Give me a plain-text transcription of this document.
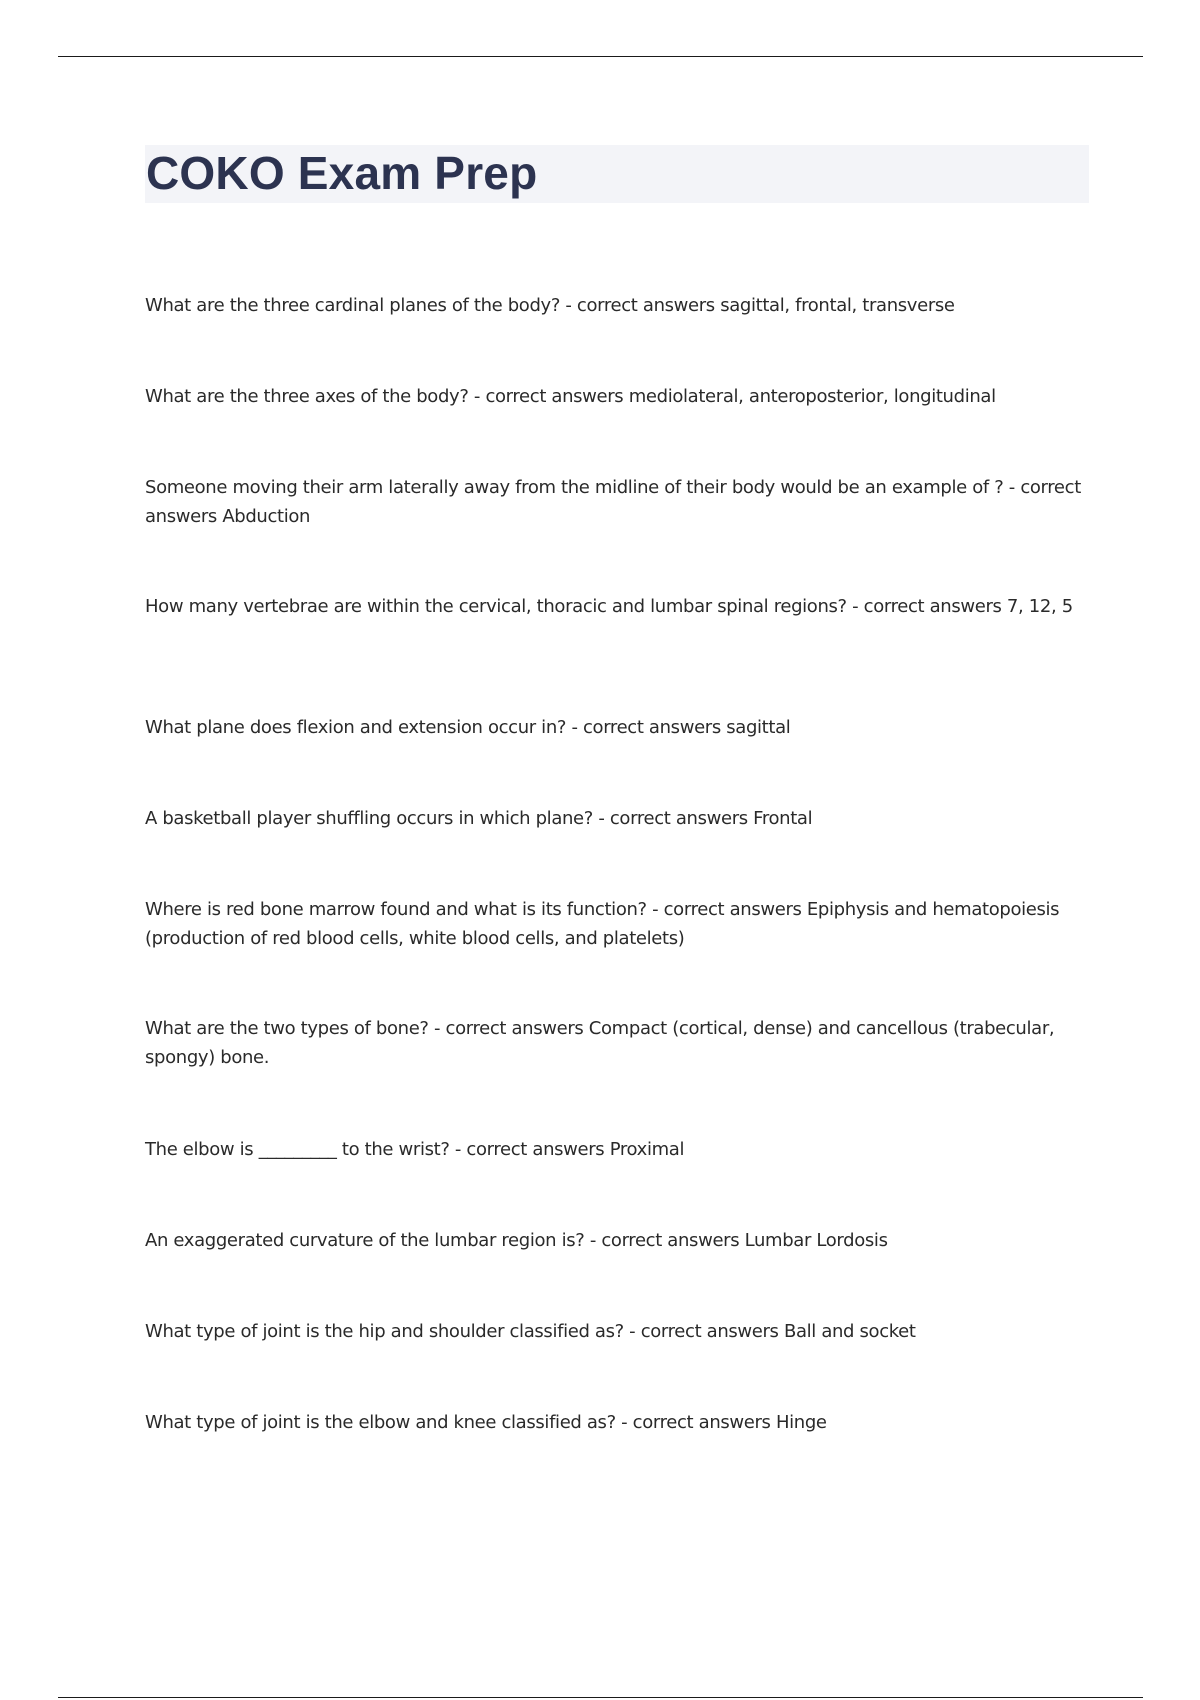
COKO Exam Prep
What are the three cardinal planes of the body? - correct answers sagittal, frontal, transverse
What are the three axes of the body? - correct answers mediolateral, anteroposterior, longitudinal
Someone moving their arm laterally away from the midline of their body would be an example of ? - correct answers Abduction
How many vertebrae are within the cervical, thoracic and lumbar spinal regions? - correct answers 7, 12, 5
What plane does flexion and extension occur in? - correct answers sagittal
A basketball player shuffling occurs in which plane? - correct answers Frontal
Where is red bone marrow found and what is its function? - correct answers Epiphysis and hematopoiesis (production of red blood cells, white blood cells, and platelets)
What are the two types of bone? - correct answers Compact (cortical, dense) and cancellous (trabecular, spongy) bone.
The elbow is _________ to the wrist? - correct answers Proximal
An exaggerated curvature of the lumbar region is? - correct answers Lumbar Lordosis
What type of joint is the hip and shoulder classified as? - correct answers Ball and socket
What type of joint is the elbow and knee classified as? - correct answers Hinge
